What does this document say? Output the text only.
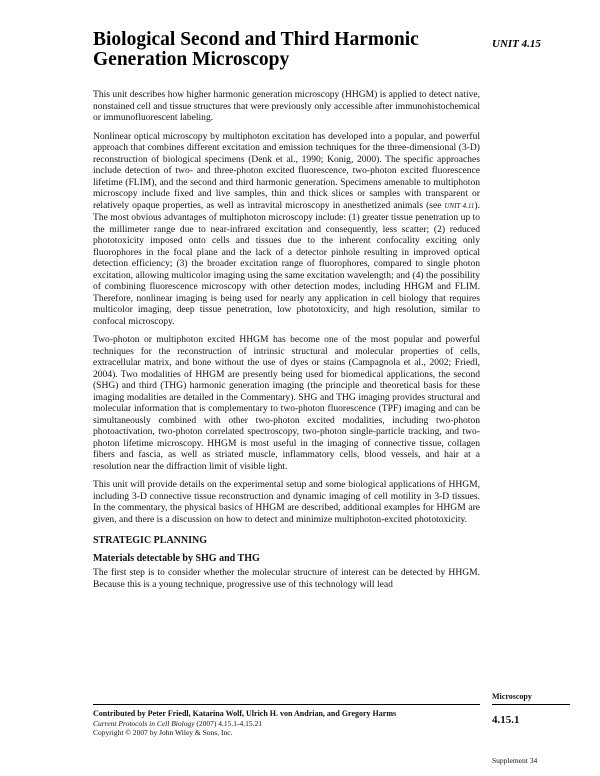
Biological Second and Third Harmonic Generation Microscopy
UNIT 4.15

This unit describes how higher harmonic generation microscopy (HHGM) is applied to detect native, nonstained cell and tissue structures that were previously only accessible after immunohistochemical or immunofluorescent labeling.

Nonlinear optical microscopy by multiphoton excitation has developed into a popular, and powerful approach that combines different excitation and emission techniques for the three-dimensional (3-D) reconstruction of biological specimens (Denk et al., 1990; Konig, 2000). The specific approaches include detection of two- and three-photon excited fluorescence, two-photon excited fluorescence lifetime (FLIM), and the second and third harmonic generation. Specimens amenable to multiphoton microscopy include fixed and live samples, thin and thick slices or samples with transparent or relatively opaque properties, as well as intravital microscopy in anesthetized animals (see UNIT 4.11). The most obvious advantages of multiphoton microscopy include: (1) greater tissue penetration up to the millimeter range due to near-infrared excitation and consequently, less scatter; (2) reduced phototoxicity imposed onto cells and tissues due to the inherent confocality exciting only fluorophores in the focal plane and the lack of a detector pinhole resulting in improved optical detection efficiency; (3) the broader excitation range of fluorophores, compared to single photon excitation, allowing multicolor imaging using the same excitation wavelength; and (4) the possibility of combining fluorescence microscopy with other detection modes, including HHGM and FLIM. Therefore, nonlinear imaging is being used for nearly any application in cell biology that requires multicolor imaging, deep tissue penetration, low phototoxicity, and high resolution, similar to confocal microscopy.

Two-photon or multiphoton excited HHGM has become one of the most popular and powerful techniques for the reconstruction of intrinsic structural and molecular properties of cells, extracellular matrix, and bone without the use of dyes or stains (Campagnola et al., 2002; Friedl, 2004). Two modalities of HHGM are presently being used for biomedical applications, the second (SHG) and third (THG) harmonic generation imaging (the principle and theoretical basis for these imaging modalities are detailed in the Commentary). SHG and THG imaging provides structural and molecular information that is complementary to two-photon fluorescence (TPF) imaging and can be simultaneously combined with other two-photon excited modalities, including two-photon photoactivation, two-photon correlated spectroscopy, two-photon single-particle tracking, and two-photon lifetime microscopy. HHGM is most useful in the imaging of connective tissue, collagen fibers and fascia, as well as striated muscle, inflammatory cells, blood vessels, and hair at a resolution near the diffraction limit of visible light.

This unit will provide details on the experimental setup and some biological applications of HHGM, including 3-D connective tissue reconstruction and dynamic imaging of cell motility in 3-D tissues. In the commentary, the physical basics of HHGM are described, additional examples for HHGM are given, and there is a discussion on how to detect and minimize multiphoton-excited phototoxicity.

STRATEGIC PLANNING
Materials detectable by SHG and THG

The first step is to consider whether the molecular structure of interest can be detected by HHGM. Because this is a young technique, progressive use of this technology will lead

Microscopy
Contributed by Peter Friedl, Katarina Wolf, Ulrich H. von Andrian, and Gregory Harms
Current Protocols in Cell Biology (2007) 4.15.1-4.15.21
Copyright © 2007 by John Wiley & Sons, Inc.
4.15.1
Supplement 34
